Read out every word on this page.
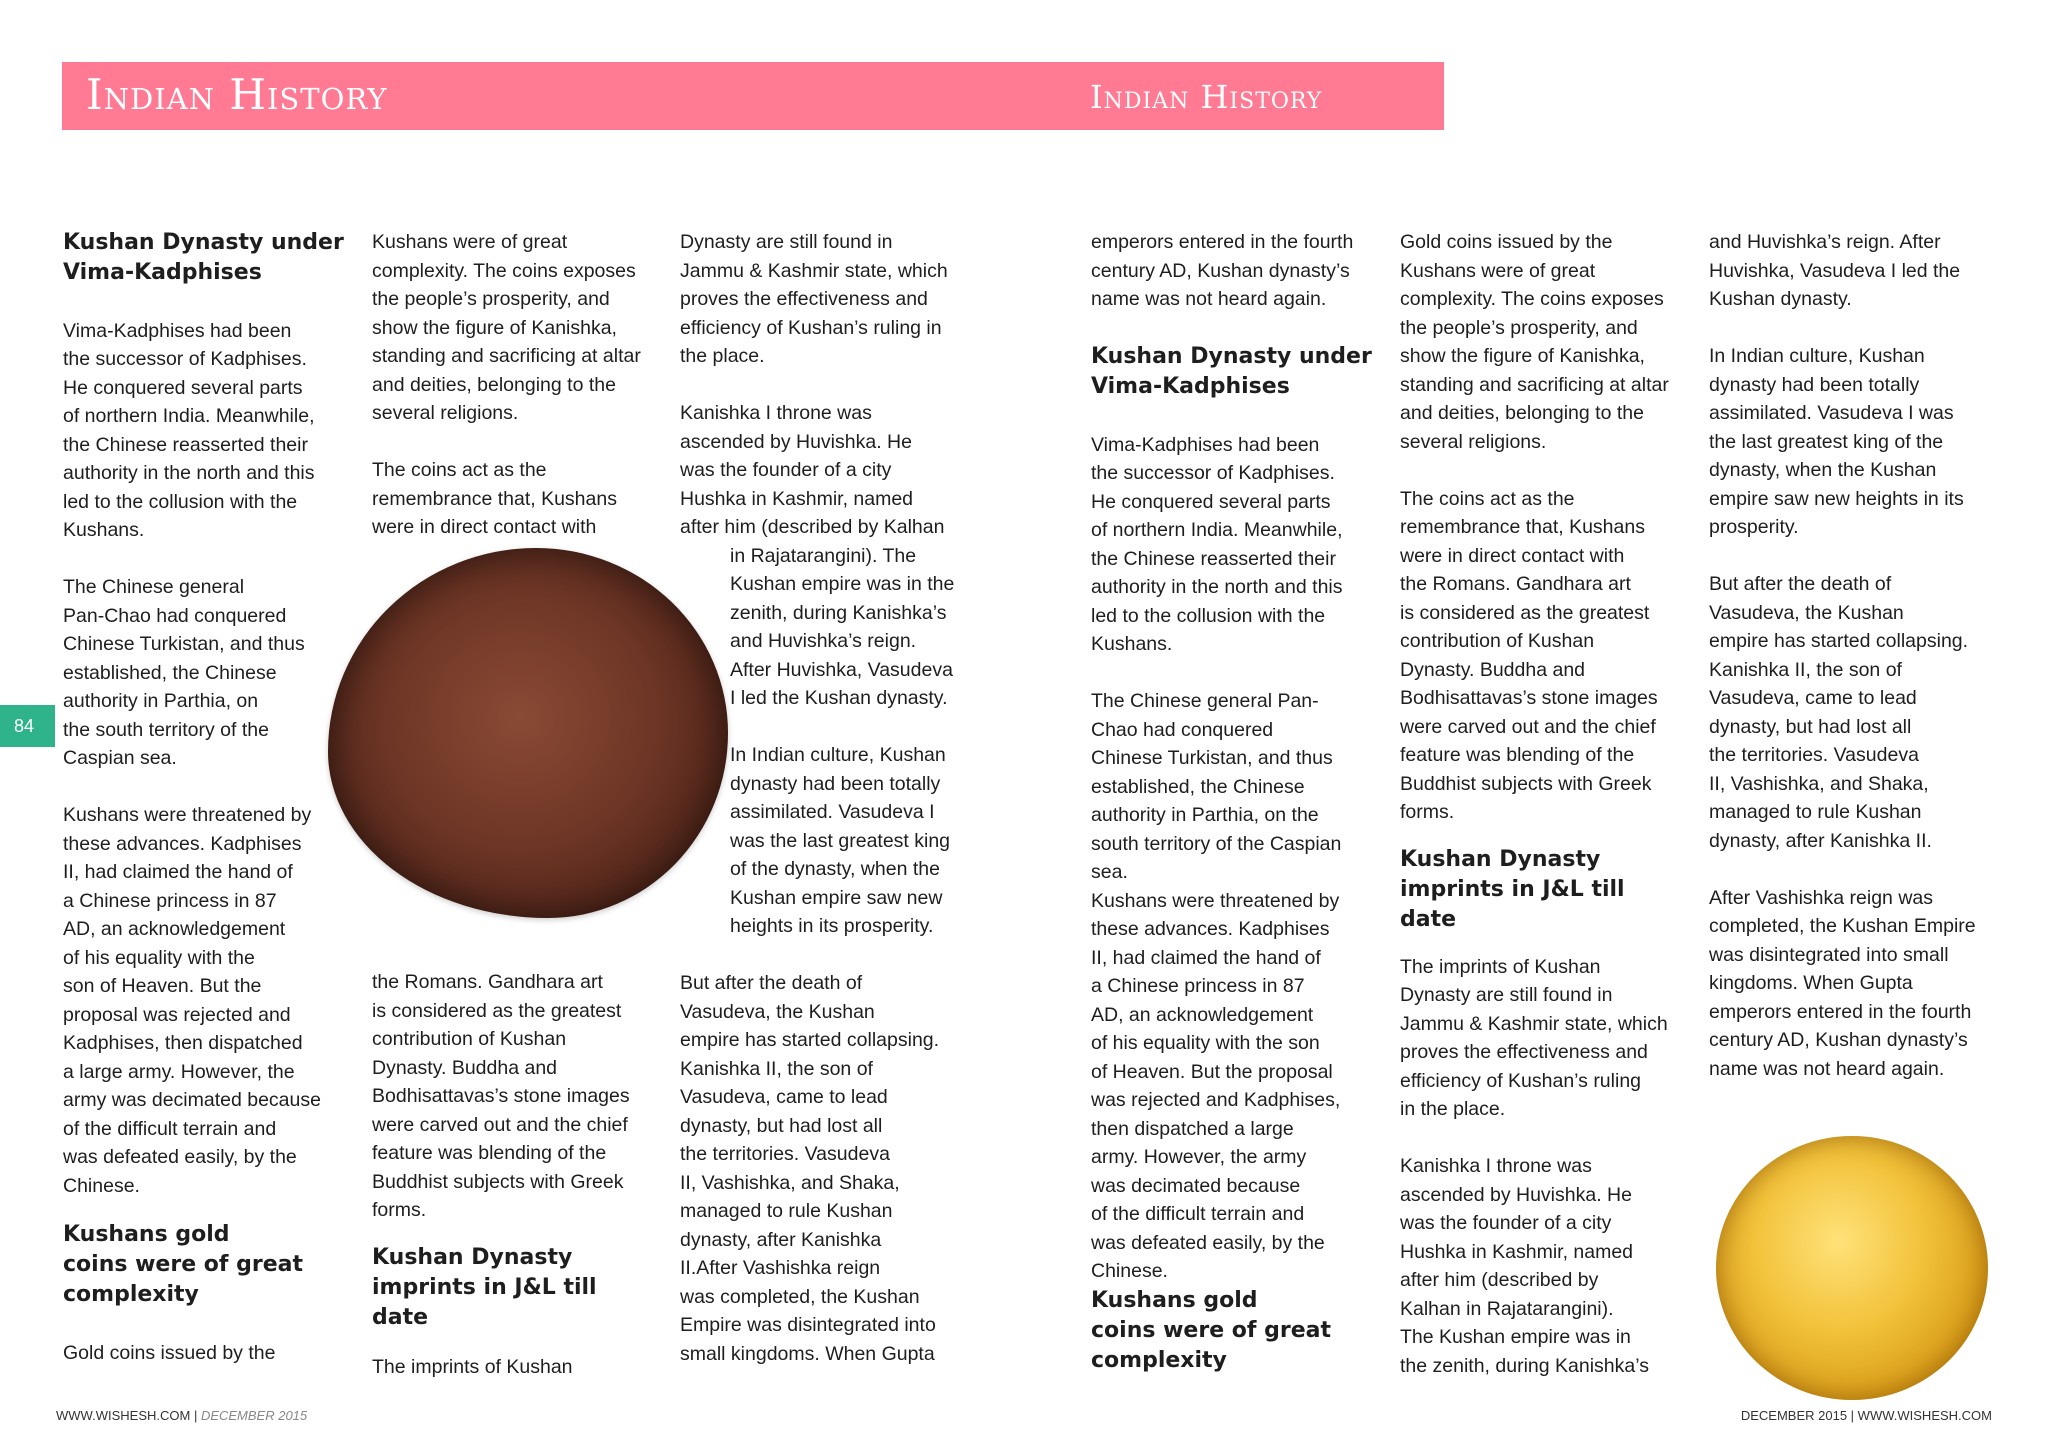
Indian History	Indian History
84

Kushan Dynasty under
Vima-Kadphises

Vima-Kadphises had been
the successor of Kadphises.
He conquered several parts
of northern India. Meanwhile,
the Chinese reasserted their
authority in the north and this
led to the collusion with the
Kushans.

The Chinese general
Pan-Chao had conquered
Chinese Turkistan, and thus
established, the Chinese
authority in Parthia, on
the south territory of the
Caspian sea.

Kushans were threatened by
these advances. Kadphises
II, had claimed the hand of
a Chinese princess in 87
AD, an acknowledgement
of his equality with the
son of Heaven. But the
proposal was rejected and
Kadphises, then dispatched
a large army. However, the
army was decimated because
of the difficult terrain and
was defeated easily, by the
Chinese.

Kushans gold
coins were of great
complexity

Gold coins issued by the

Kushans were of great
complexity. The coins exposes
the people’s prosperity, and
show the figure of Kanishka,
standing and sacrificing at altar
and deities, belonging to the
several religions.

The coins act as the
remembrance that, Kushans
were in direct contact with

the Romans. Gandhara art
is considered as the greatest
contribution of Kushan
Dynasty. Buddha and
Bodhisattavas’s stone images
were carved out and the chief
feature was blending of the
Buddhist subjects with Greek
forms.

Kushan Dynasty
imprints in J&L till
date

The imprints of Kushan

Dynasty are still found in
Jammu & Kashmir state, which
proves the effectiveness and
efficiency of Kushan’s ruling in
the place.

Kanishka I throne was
ascended by Huvishka. He
was the founder of a city
Hushka in Kashmir, named
after him (described by Kalhan

in Rajatarangini). The
Kushan empire was in the
zenith, during Kanishka’s
and Huvishka’s reign.
After Huvishka, Vasudeva
I led the Kushan dynasty.

In Indian culture, Kushan
dynasty had been totally
assimilated. Vasudeva I
was the last greatest king
of the dynasty, when the
Kushan empire saw new
heights in its prosperity.

But after the death of
Vasudeva, the Kushan
empire has started collapsing.
Kanishka II, the son of
Vasudeva, came to lead
dynasty, but had lost all
the territories. Vasudeva
II, Vashishka, and Shaka,
managed to rule Kushan
dynasty, after Kanishka
II.After Vashishka reign
was completed, the Kushan
Empire was disintegrated into
small kingdoms. When Gupta

emperors entered in the fourth
century AD, Kushan dynasty’s
name was not heard again.

Kushan Dynasty under
Vima-Kadphises

Vima-Kadphises had been
the successor of Kadphises.
He conquered several parts
of northern India. Meanwhile,
the Chinese reasserted their
authority in the north and this
led to the collusion with the
Kushans.

The Chinese general Pan-
Chao had conquered
Chinese Turkistan, and thus
established, the Chinese
authority in Parthia, on the
south territory of the Caspian
sea.
Kushans were threatened by
these advances. Kadphises
II, had claimed the hand of
a Chinese princess in 87
AD, an acknowledgement
of his equality with the son
of Heaven. But the proposal
was rejected and Kadphises,
then dispatched a large
army. However, the army
was decimated because
of the difficult terrain and
was defeated easily, by the
Chinese.

Kushans gold
coins were of great
complexity

Gold coins issued by the
Kushans were of great
complexity. The coins exposes
the people’s prosperity, and
show the figure of Kanishka,
standing and sacrificing at altar
and deities, belonging to the
several religions.

The coins act as the
remembrance that, Kushans
were in direct contact with
the Romans. Gandhara art
is considered as the greatest
contribution of Kushan
Dynasty. Buddha and
Bodhisattavas’s stone images
were carved out and the chief
feature was blending of the
Buddhist subjects with Greek
forms.

Kushan Dynasty
imprints in J&L till
date

The imprints of Kushan
Dynasty are still found in
Jammu & Kashmir state, which
proves the effectiveness and
efficiency of Kushan’s ruling
in the place.

Kanishka I throne was
ascended by Huvishka. He
was the founder of a city
Hushka in Kashmir, named
after him (described by
Kalhan in Rajatarangini).
The Kushan empire was in
the zenith, during Kanishka’s

and Huvishka’s reign. After
Huvishka, Vasudeva I led the
Kushan dynasty.

In Indian culture, Kushan
dynasty had been totally
assimilated. Vasudeva I was
the last greatest king of the
dynasty, when the Kushan
empire saw new heights in its
prosperity.

But after the death of
Vasudeva, the Kushan
empire has started collapsing.
Kanishka II, the son of
Vasudeva, came to lead
dynasty, but had lost all
the territories. Vasudeva
II, Vashishka, and Shaka,
managed to rule Kushan
dynasty, after Kanishka II.

After Vashishka reign was
completed, the Kushan Empire
was disintegrated into small
kingdoms. When Gupta
emperors entered in the fourth
century AD, Kushan dynasty’s
name was not heard again.

WWW.WISHESH.COM | DECEMBER 2015	DECEMBER 2015 | WWW.WISHESH.COM
